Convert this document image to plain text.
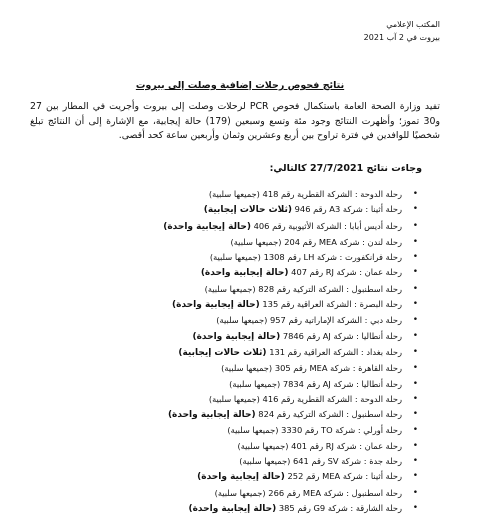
المكتب الإعلامي
بيروت في 2 آب 2021
نتائج فحوص رحلات إضافية وصلت إلى بيروت
تفيد وزارة الصحة العامة باستكمال فحوص PCR لرحلات وصلت إلى بيروت وأجريت في المطار بين 27 و30 تموز؛ وأظهرت النتائج وجود مئة وتسع وسبعين (179) حالة إيجابية، مع الإشارة إلى أن النتائج تبلغ شخصيًا للوافدين في فترة تراوح بين أربع وعشرين وثمان وأربعين ساعة كحد أقصى.
وجاءت نتائج 27/7/2021 كالتالي:
•
رحلة الدوحة : الشركة القطرية رقم 418 (جميعها سلبية)
•
رحلة أثينا : شركة A3 رقم 946 (ثلاث حالات إيجابية)
•
رحلة أديس أبابا : الشركة الأثيوبية رقم 406 (حالة إيجابية واحدة)
•
رحلة لندن : شركة MEA رقم 204 (جميعها سلبية)
•
رحلة فرانكفورت : شركة LH رقم 1308 (جميعها سلبية)
•
رحلة عمان : شركة RJ رقم 407 (حالة إيجابية واحدة)
•
رحلة اسطنبول : الشركة التركية رقم 828 (جميعها سلبية)
•
رحلة البصرة : الشركة العراقية رقم 135 (حالة إيجابية واحدة)
•
رحلة دبي : الشركة الإماراتية رقم 957 (جميعها سلبية)
•
رحلة أنطاليا : شركة AJ رقم 7846 (حالة إيجابية واحدة)
•
رحلة بغداد : الشركة العراقية رقم 131 (ثلاث حالات إيجابية)
•
رحلة القاهرة : شركة MEA رقم 305 (جميعها سلبية)
•
رحلة أنطاليا : شركة AJ رقم 7834 (جميعها سلبية)
•
رحلة الدوحة : الشركة القطرية رقم 416 (جميعها سلبية)
•
رحلة اسطنبول : الشركة التركية رقم 824 (حالة إيجابية واحدة)
•
رحلة أورلي : شركة TO رقم 3330 (جميعها سلبية)
•
رحلة عمان : شركة RJ رقم 401 (جميعها سلبية)
•
رحلة جدة : شركة SV رقم 641 (جميعها سلبية)
•
رحلة أثينا : شركة MEA رقم 252 (حالة إيجابية واحدة)
•
رحلة اسطنبول : شركة MEA رقم 266 (جميعها سلبية)
•
رحلة الشارقة : شركة G9 رقم 385 (حالة إيجابية واحدة)
